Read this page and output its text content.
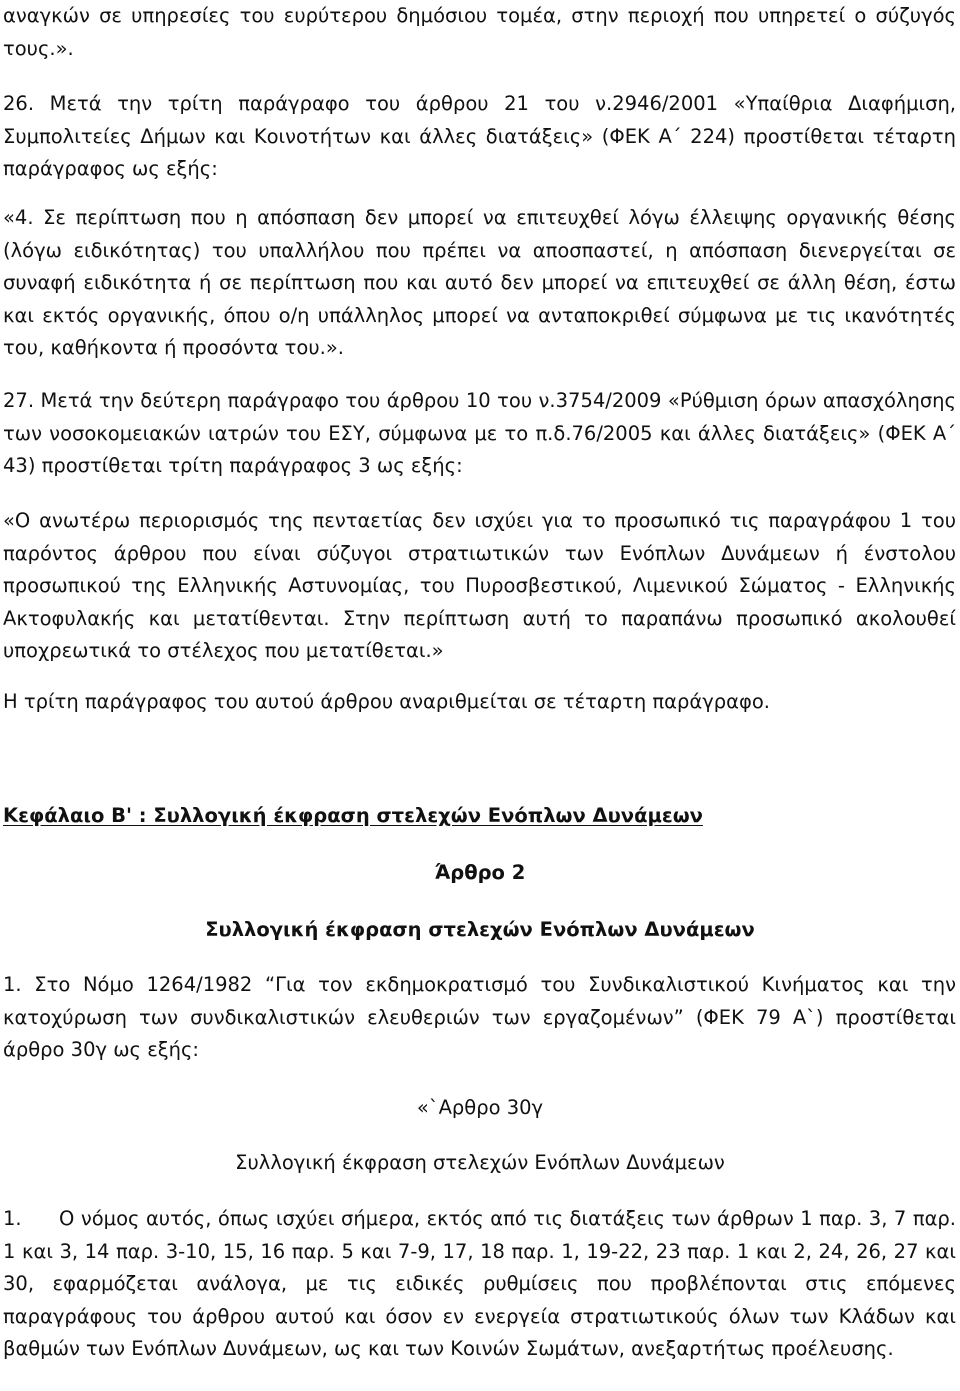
αναγκών σε υπηρεσίες του ευρύτερου δημόσιου τομέα, στην περιοχή που υπηρετεί ο σύζυγός τους.».

26. Μετά την τρίτη παράγραφο του άρθρου 21 του ν.2946/2001 «Υπαίθρια Διαφήμιση, Συμπολιτείες Δήμων και Κοινοτήτων και άλλες διατάξεις» (ΦΕΚ Α΄ 224) προστίθεται τέταρτη παράγραφος ως εξής:

«4. Σε περίπτωση που η απόσπαση δεν μπορεί να επιτευχθεί λόγω έλλειψης οργανικής θέσης (λόγω ειδικότητας) του υπαλλήλου που πρέπει να αποσπαστεί, η απόσπαση διενεργείται σε συναφή ειδικότητα ή σε περίπτωση που και αυτό δεν μπορεί να επιτευχθεί σε άλλη θέση, έστω και εκτός οργανικής, όπου ο/η υπάλληλος μπορεί να ανταποκριθεί σύμφωνα με τις ικανότητές του, καθήκοντα ή προσόντα του.».

27. Μετά την δεύτερη παράγραφο του άρθρου 10 του ν.3754/2009 «Ρύθμιση όρων απασχόλησης των νοσοκομειακών ιατρών του ΕΣΥ, σύμφωνα με το π.δ.76/2005 και άλλες διατάξεις» (ΦΕΚ Α΄ 43) προστίθεται τρίτη παράγραφος 3 ως εξής:

«Ο ανωτέρω περιορισμός της πενταετίας δεν ισχύει για το προσωπικό τις παραγράφου 1 του παρόντος άρθρου που είναι σύζυγοι στρατιωτικών των Ενόπλων Δυνάμεων ή ένστολου προσωπικού της Ελληνικής Αστυνομίας, του Πυροσβεστικού, Λιμενικού Σώματος - Ελληνικής Ακτοφυλακής και μετατίθενται. Στην περίπτωση αυτή το παραπάνω προσωπικό ακολουθεί υποχρεωτικά το στέλεχος που μετατίθεται.»

Η τρίτη παράγραφος του αυτού άρθρου αναριθμείται σε τέταρτη παράγραφο.

Κεφάλαιο Β' : Συλλογική έκφραση στελεχών Ενόπλων Δυνάμεων

Άρθρο 2

Συλλογική έκφραση στελεχών Ενόπλων Δυνάμεων

1. Στο Νόμο 1264/1982 “Για τον εκδημοκρατισμό του Συνδικαλιστικού Κινήματος και την κατοχύρωση των συνδικαλιστικών ελευθεριών των εργαζομένων” (ΦΕΚ 79 Α`) προστίθεται άρθρο 30γ ως εξής:

«`Αρθρο 30γ

Συλλογική έκφραση στελεχών Ενόπλων Δυνάμεων

1. Ο νόμος αυτός, όπως ισχύει σήμερα, εκτός από τις διατάξεις των άρθρων 1 παρ. 3, 7 παρ. 1 και 3, 14 παρ. 3-10, 15, 16 παρ. 5 και 7-9, 17, 18 παρ. 1, 19-22, 23 παρ. 1 και 2, 24, 26, 27 και 30, εφαρμόζεται ανάλογα, με τις ειδικές ρυθμίσεις που προβλέπονται στις επόμενες παραγράφους του άρθρου αυτού και όσον εν ενεργεία στρατιωτικούς όλων των Κλάδων και βαθμών των Ενόπλων Δυνάμεων, ως και των Κοινών Σωμάτων, ανεξαρτήτως προέλευσης.
